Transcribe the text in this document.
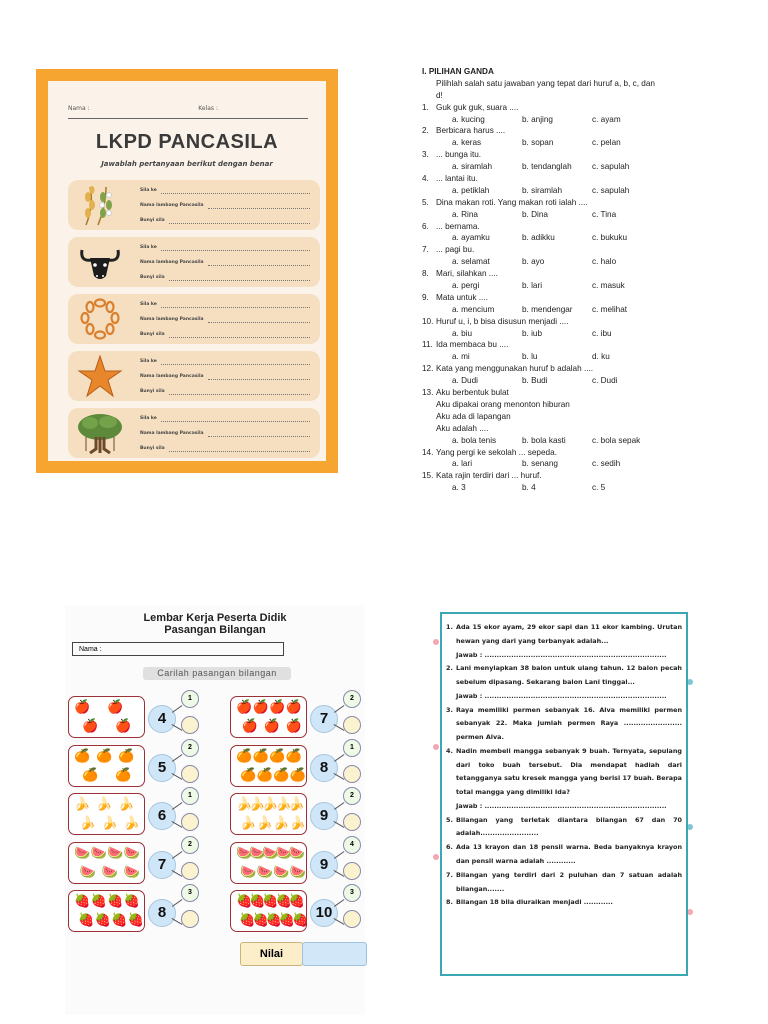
Nama :	Kelas :
LKPD PANCASILA
Jawablah pertanyaan berikut dengan benar
Sila ke
Nama lambang Pancasila
Bunyi sila
Sila ke
Nama lambang Pancasila
Bunyi sila
Sila ke
Nama lambang Pancasila
Bunyi sila
Sila ke
Nama lambang Pancasila
Bunyi sila
Sila ke
Nama lambang Pancasila
Bunyi sila
I. PILIHAN GANDA
Pilihlah salah satu jawaban yang tepat dari huruf a, b, c, dan d!
1. Guk guk guk, suara ....
a. kucing	b. anjing	c. ayam
2. Berbicara harus ....
a. keras	b. sopan	c. pelan
3. ... bunga itu.
a. siramlah	b. tendanglah	c. sapulah
4. ... lantai itu.
a. petiklah	b. siramlah	c. sapulah
5. Dina makan roti. Yang makan roti ialah ....
a. Rina	b. Dina	c. Tina
6. ... bernama.
a. ayamku	b. adikku	c. bukuku
7. ... pagi bu.
a. selamat	b. ayo	c. halo
8. Mari, silahkan ....
a. pergi	b. lari	c. masuk
9. Mata untuk ....
a. mencium	b. mendengar	c. melihat
10. Huruf u, i, b bisa disusun menjadi ....
a. biu	b. iub	c. ibu
11. Ida membaca bu ....
a. mi	b. lu	d. ku
12. Kata yang menggunakan huruf b adalah ....
a. Dudi	b. Budi	c. Dudi
13. Aku berbentuk bulat
Aku dipakai orang menonton hiburan
Aku ada di lapangan
Aku adalah ....
a. bola tenis	b. bola kasti	c. bola sepak
14. Yang pergi ke sekolah ... sepeda.
a. lari	b. senang	c. sedih
15. Kata rajin terdiri dari ... huruf.
a. 3	b. 4	c. 5
Lembar Kerja Peserta Didik
Pasangan Bilangan
Nama :
Carilah pasangan bilangan
🍎 🍎
🍎 🍎	4
1
🍊 🍊 🍊
🍊 🍊	5
2
🍌 🍌 🍌
🍌 🍌 🍌	6
1
🍉 🍉 🍉 🍉
🍉 🍉 🍉	7
2
🍓 🍓 🍓 🍓
🍓 🍓 🍓 🍓 8
3
🍎 🍎 🍎 🍎
🍎 🍎 🍎	7
2
🍊 🍊 🍊 🍊
🍊 🍊 🍊 🍊 8
1
🍌
🍌
🍌
🍌
🍌
🍌 🍌 🍌 🍌 9
2
🍉
🍉
🍉
🍉
🍉
🍉 🍉 🍉 🍉 9
4
🍓
🍓
🍓
🍓
🍓
🍓
🍓
🍓
🍓
🍓 10
3
Nilai
1. Ada 15 ekor ayam, 29 ekor sapi dan 11 ekor kambing. Urutan hewan yang dari yang terbanyak adalah...
Jawab : ...........................................................................
2. Lani menyiapkan 38 balon untuk ulang tahun. 12 balon pecah sebelum dipasang. Sekarang balon Lani tinggal...
Jawab : ...........................................................................
3. Raya memiliki permen sebanyak 16. Alva memiliki permen sebanyak 22. Maka jumlah permen Raya ........................ permen Alva.
4. Nadin membeli mangga sebanyak 9 buah. Ternyata, sepulang dari toko buah tersebut. Dia mendapat hadiah dari tetangganya satu kresek mangga yang berisi 17 buah. Berapa total mangga yang dimiliki Ida?
Jawab : ...........................................................................
5. Bilangan yang terletak diantara bilangan 67 dan 70 adalah........................
6. Ada 13 krayon dan 18 pensil warna. Beda banyaknya krayon dan pensil warna adalah ............
7. Bilangan yang terdiri dari 2 puluhan dan 7 satuan adalah bilangan.......
8. Bilangan 18 bila diuraikan menjadi ............
